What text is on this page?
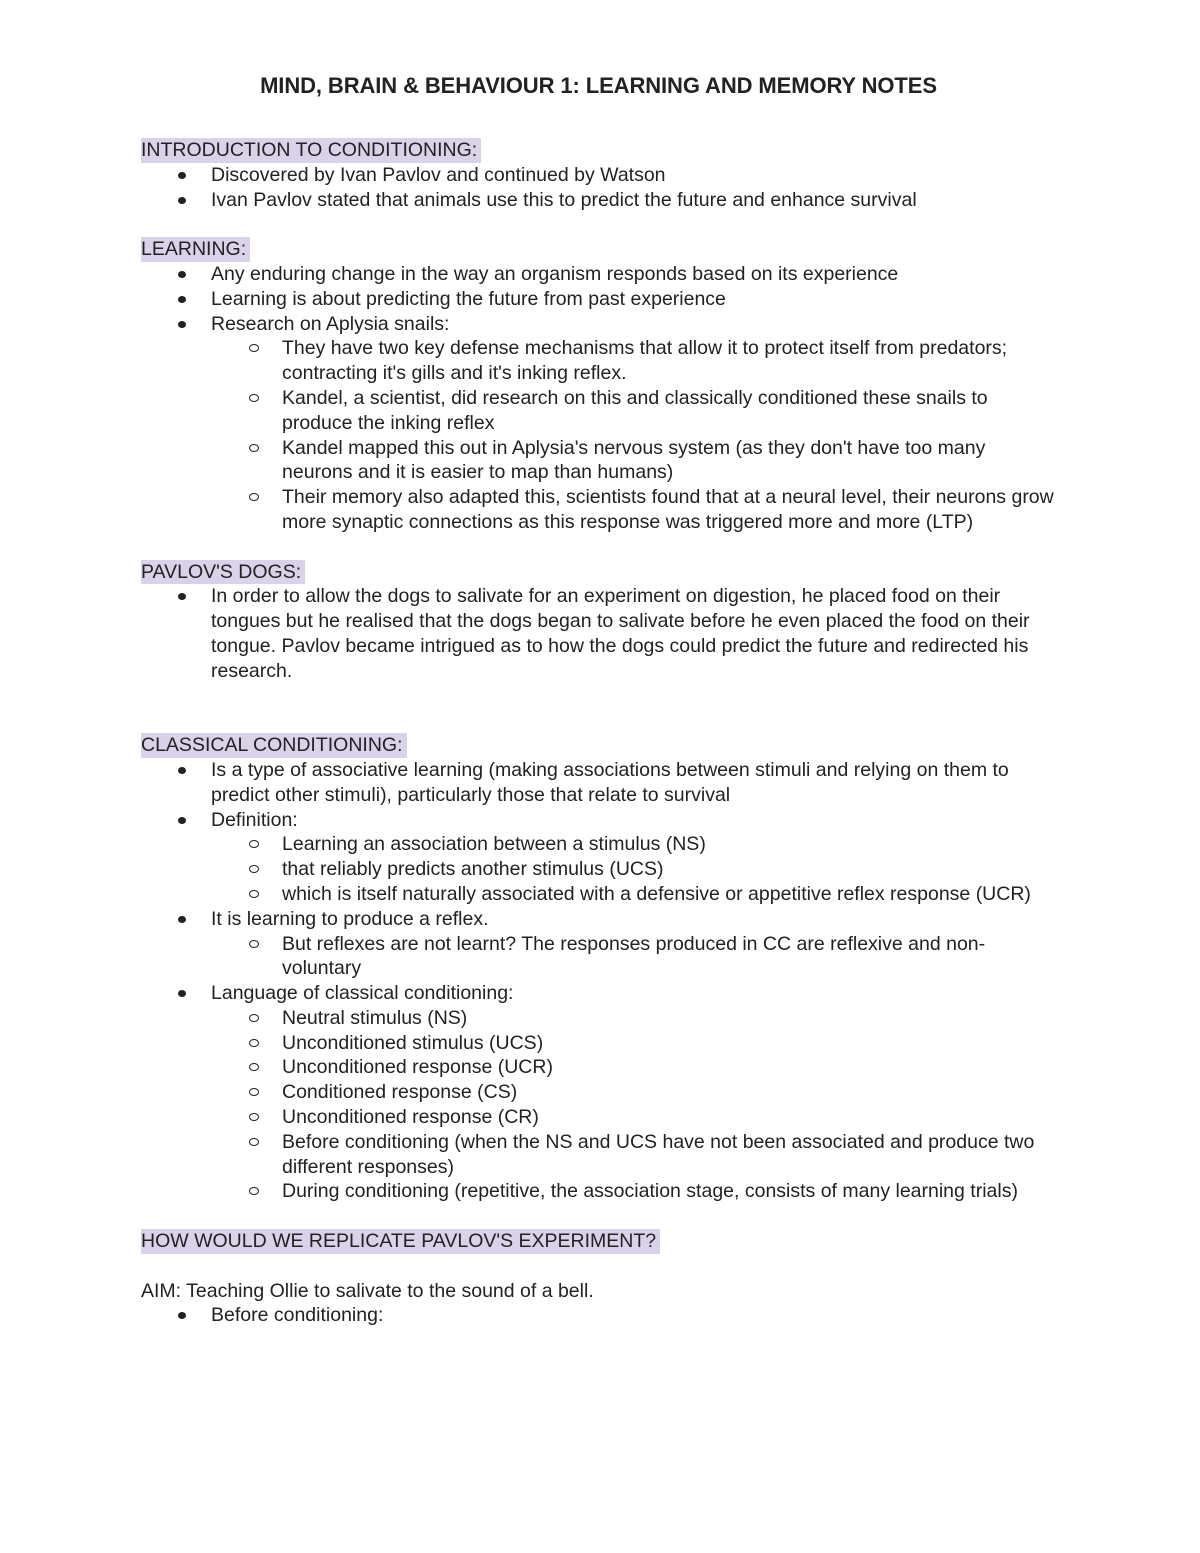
MIND, BRAIN & BEHAVIOUR 1: LEARNING AND MEMORY NOTES
INTRODUCTION TO CONDITIONING:
Discovered by Ivan Pavlov and continued by Watson
Ivan Pavlov stated that animals use this to predict the future and enhance survival
LEARNING:
Any enduring change in the way an organism responds based on its experience
Learning is about predicting the future from past experience
Research on Aplysia snails:
They have two key defense mechanisms that allow it to protect itself from predators; contracting it's gills and it's inking reflex.
Kandel, a scientist, did research on this and classically conditioned these snails to produce the inking reflex
Kandel mapped this out in Aplysia's nervous system (as they don't have too many neurons and it is easier to map than humans)
Their memory also adapted this, scientists found that at a neural level, their neurons grow more synaptic connections as this response was triggered more and more (LTP)
PAVLOV'S DOGS:
In order to allow the dogs to salivate for an experiment on digestion, he placed food on their tongues but he realised that the dogs began to salivate before he even placed the food on their tongue. Pavlov became intrigued as to how the dogs could predict the future and redirected his research.
CLASSICAL CONDITIONING:
Is a type of associative learning (making associations between stimuli and relying on them to predict other stimuli), particularly those that relate to survival
Definition:
Learning an association between a stimulus (NS)
that reliably predicts another stimulus (UCS)
which is itself naturally associated with a defensive or appetitive reflex response (UCR)
It is learning to produce a reflex.
But reflexes are not learnt? The responses produced in CC are reflexive and non-voluntary
Language of classical conditioning:
Neutral stimulus (NS)
Unconditioned stimulus (UCS)
Unconditioned response (UCR)
Conditioned response (CS)
Unconditioned response (CR)
Before conditioning (when the NS and UCS have not been associated and produce two different responses)
During conditioning (repetitive, the association stage, consists of many learning trials)
HOW WOULD WE REPLICATE PAVLOV'S EXPERIMENT?
AIM: Teaching Ollie to salivate to the sound of a bell.
Before conditioning:
